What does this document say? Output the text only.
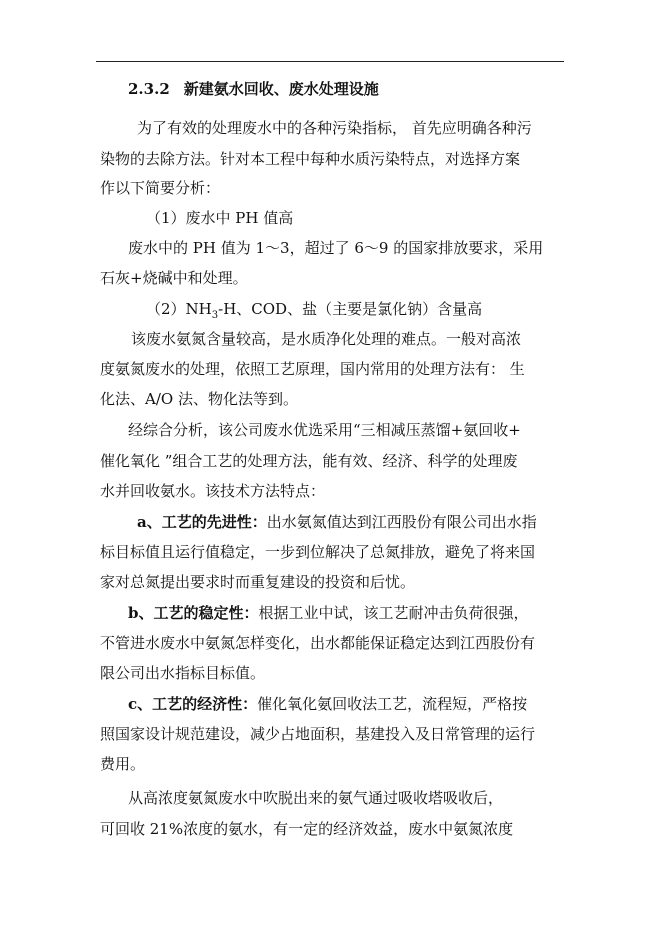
2.3.2 新建氨水回收、废水处理设施
为了有效的处理废水中的各种污染指标， 首先应明确各种污
染物的去除方法。针对本工程中每种水质污染特点，对选择方案
作以下简要分析：
（1）废水中 PH 值高
废水中的 PH 值为 1～3，超过了 6～9 的国家排放要求，采用
石灰+烧碱中和处理。
$(2)NH_3-H$、COD、盐（主要是氯化钠）含量高
该废水氨氮含量较高，是水质净化处理的难点。一般对高浓
度氨氮废水的处理，依照工艺原理，国内常用的处理方法有： 生
化法、A/O 法、物化法等到。
经综合分析，该公司废水优选采用“三相减压蒸馏+氨回收+
催化氧化 ”组合工艺的处理方法，能有效、经济、科学的处理废
水并回收氨水。该技术方法特点：
a、工艺的先进性：出水氨氮值达到江西股份有限公司出水指
标目标值且运行值稳定，一步到位解决了总氮排放，避免了将来国
家对总氮提出要求时而重复建设的投资和后忧。
b、工艺的稳定性：根据工业中试，该工艺耐冲击负荷很强，
不管进水废水中氨氮怎样变化，出水都能保证稳定达到江西股份有
限公司出水指标目标值。
c、工艺的经济性：催化氧化氨回收法工艺，流程短，严格按
照国家设计规范建设，减少占地面积，基建投入及日常管理的运行
费用。
从高浓度氨氮废水中吹脱出来的氨气通过吸收塔吸收后，
可回收 21%浓度的氨水，有一定的经济效益，废水中氨氮浓度
